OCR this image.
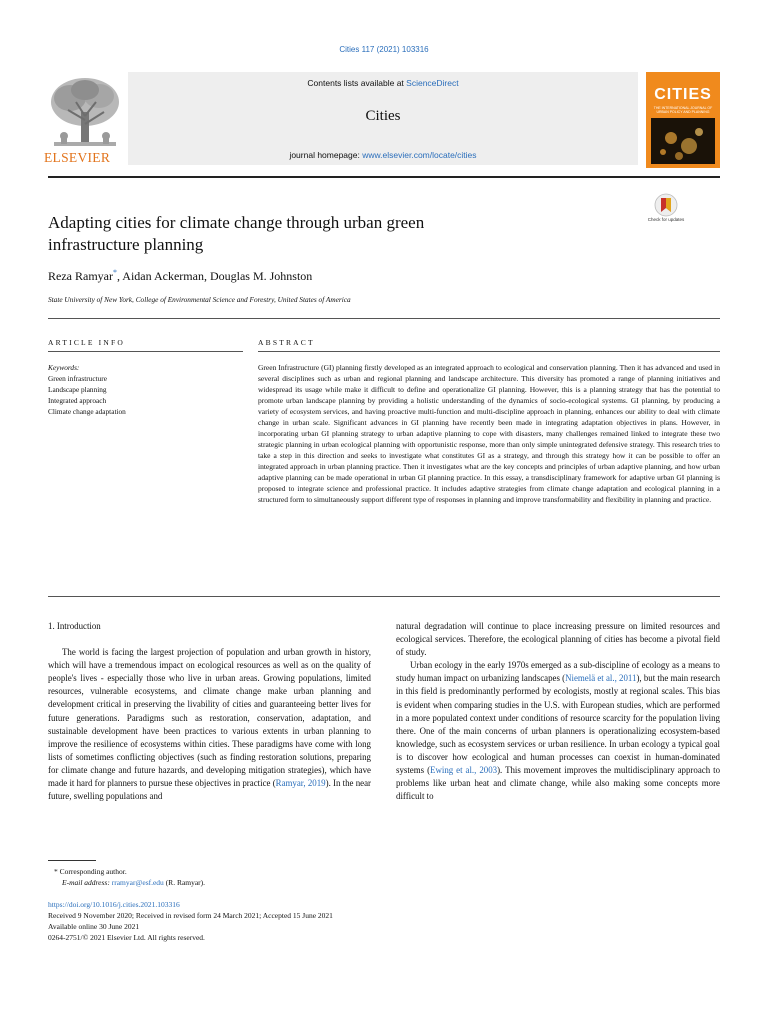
Cities 117 (2021) 103316
Contents lists available at ScienceDirect
Cities
journal homepage: www.elsevier.com/locate/cities
ELSEVIER
CITIES
THE INTERNATIONAL JOURNAL OF URBAN POLICY AND PLANNING
Adapting cities for climate change through urban green
infrastructure planning
Check for updates
Reza Ramyar*, Aidan Ackerman, Douglas M. Johnston
State University of New York, College of Environmental Science and Forestry, United States of America
ARTICLE INFO	ABSTRACT
Keywords:
Green infrastructure
Landscape planning
Integrated approach
Climate change adaptation
Green Infrastructure (GI) planning firstly developed as an integrated approach to ecological and conservation planning. Then it has advanced and used in several disciplines such as urban and regional planning and landscape architecture. This diversity has promoted a range of planning initiatives and widespread its usage while make it difficult to define and operationalize GI planning. However, this is a planning strategy that has the potential to promote urban landscape planning by providing a holistic understanding of the dynamics of socio-ecological systems. GI planning, by producing a variety of ecosystem services, and having proactive multi-function and multi-discipline approach in planning, enhances our ability to deal with climate change in urban scale. Significant advances in GI planning have recently been made in integrating adaptation objectives in plans. However, in incorporating urban GI planning strategy to urban adaptive planning to cope with disasters, many challenges remained linked to integrate these two strategic planning in urban ecological planning with opportunistic response, more than only simple unintegrated defensive strategy. This research tries to take a step in this direction and seeks to investigate what constitutes GI as a strategy, and through this strategy how it can be possible to offer an integrated approach in urban planning practice. Then it investigates what are the key concepts and principles of urban adaptive planning, and how urban adaptive planning can be made operational in urban GI planning practice. In this essay, a transdisciplinary framework for adaptive urban GI planning is proposed to integrate science and professional practice. It includes adaptive strategies from climate change adaptation and ecological planning in a structured form to simultaneously support different type of responses in planning and improve transformability and flexibility in planning and practice.
1. Introduction

The world is facing the largest projection of population and urban growth in history, which will have a tremendous impact on ecological resources as well as on the quality of people's lives - especially those who live in urban areas. Growing populations, limited resources, vulnerable ecosystems, and climate change make urban planning and development critical in preserving the livability of cities and guaranteeing better lives for future generations. Paradigms such as restoration, conservation, adaptation, and sustainable development have been practices to various extents in urban planning to improve the resilience of ecosystems within cities. These paradigms have come with long lists of sometimes conflicting objectives (such as finding restoration solutions, preparing for climate change and future hazards, and developing mitigation strategies), which have made it hard for planners to pursue these objectives in practice (Ramyar, 2019). In the near future, swelling populations and

natural degradation will continue to place increasing pressure on limited resources and ecological services. Therefore, the ecological planning of cities has become a pivotal field of study.

Urban ecology in the early 1970s emerged as a sub-discipline of ecology as a means to study human impact on urbanizing landscapes (Niemelä et al., 2011), but the main research in this field is predominantly performed by ecologists, mostly at regional scales. This bias is evident when comparing studies in the U.S. with European studies, which are performed in a more populated context under conditions of resource scarcity for the population living there. One of the main concerns of urban planners is operationalizing ecosystem-based knowledge, such as ecosystem services or urban resilience. In urban ecology a typical goal is to discover how ecological and human processes can coexist in human-dominated systems (Ewing et al., 2003). This movement improves the multidisciplinary approach to problems like urban heat and climate change, while also making some concepts more difficult to

* Corresponding author.
E-mail address: rramyar@esf.edu (R. Ramyar).
https://doi.org/10.1016/j.cities.2021.103316
Received 9 November 2020; Received in revised form 24 March 2021; Accepted 15 June 2021
Available online 30 June 2021
0264-2751/© 2021 Elsevier Ltd. All rights reserved.
